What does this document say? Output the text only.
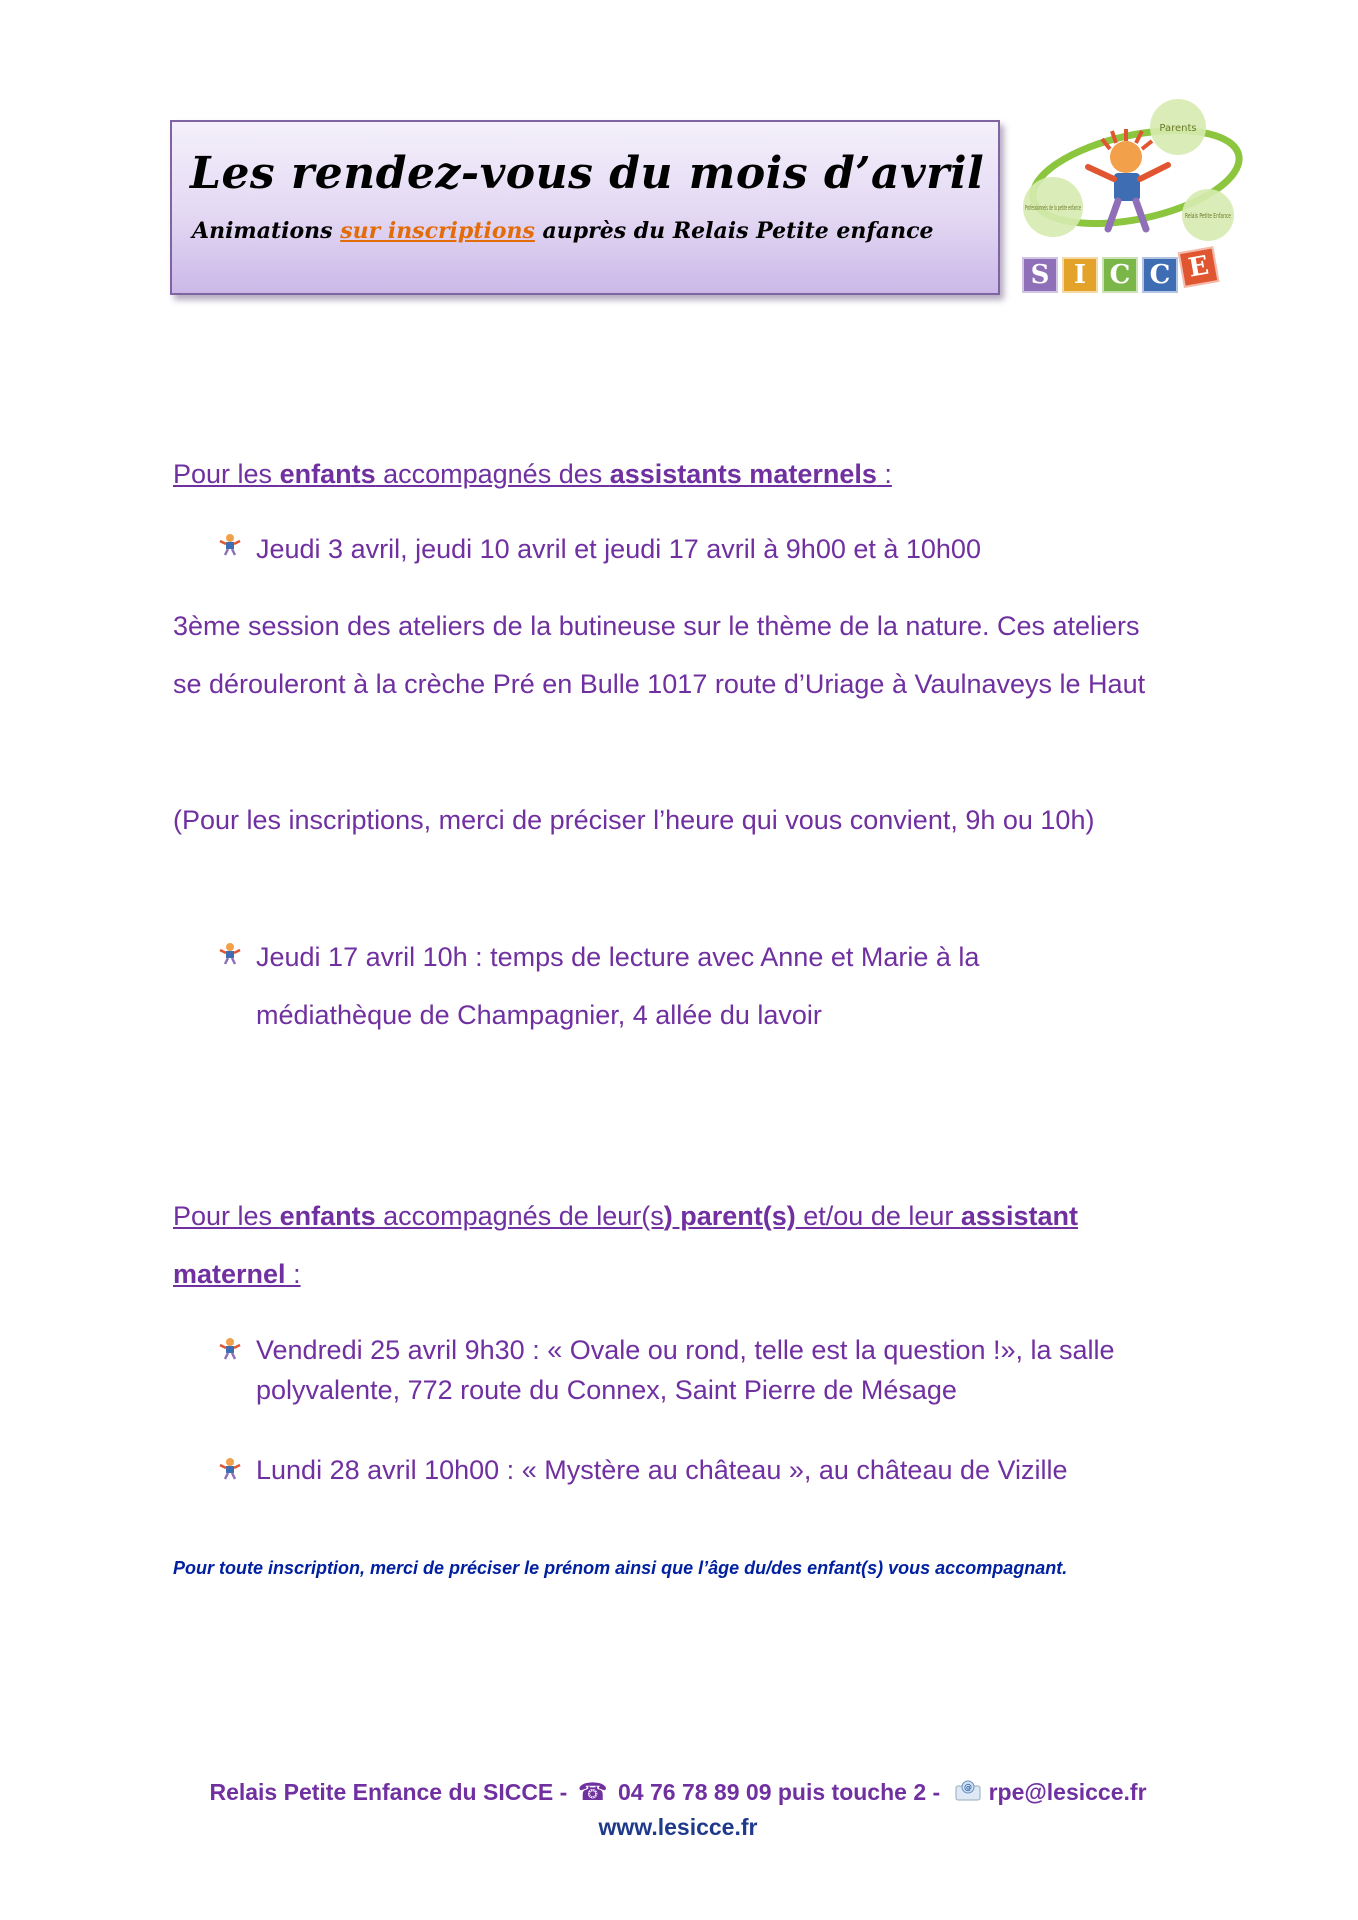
Les rendez-vous du mois d’avril
Animations sur inscriptions auprès du Relais Petite enfance
Parents
Professionnels de la petite enfance
Relais Petite Enfance
S I C C E
Pour les enfants accompagnés des assistants maternels :
Jeudi 3 avril, jeudi 10 avril et jeudi 17 avril à 9h00 et à 10h00
3ème session des ateliers de la butineuse sur le thème de la nature. Ces ateliers se dérouleront à la crèche Pré en Bulle 1017 route d’Uriage à Vaulnaveys le Haut
(Pour les inscriptions, merci de préciser l’heure qui vous convient, 9h ou 10h)
Jeudi 17 avril 10h : temps de lecture avec Anne et Marie à la médiathèque de Champagnier, 4 allée du lavoir
Pour les enfants accompagnés de leur(s) parent(s) et/ou de leur assistant maternel :
Vendredi 25 avril 9h30 : « Ovale ou rond, telle est la question !», la salle polyvalente, 772 route du Connex, Saint Pierre de Mésage
Lundi 28 avril 10h00 : « Mystère au château », au château de Vizille
Pour toute inscription, merci de préciser le prénom ainsi que l’âge du/des enfant(s) vous accompagnant.
Relais Petite Enfance du SICCE - ☎ 04 76 78 89 09 puis touche 2 - @ rpe@lesicce.fr
www.lesicce.fr
